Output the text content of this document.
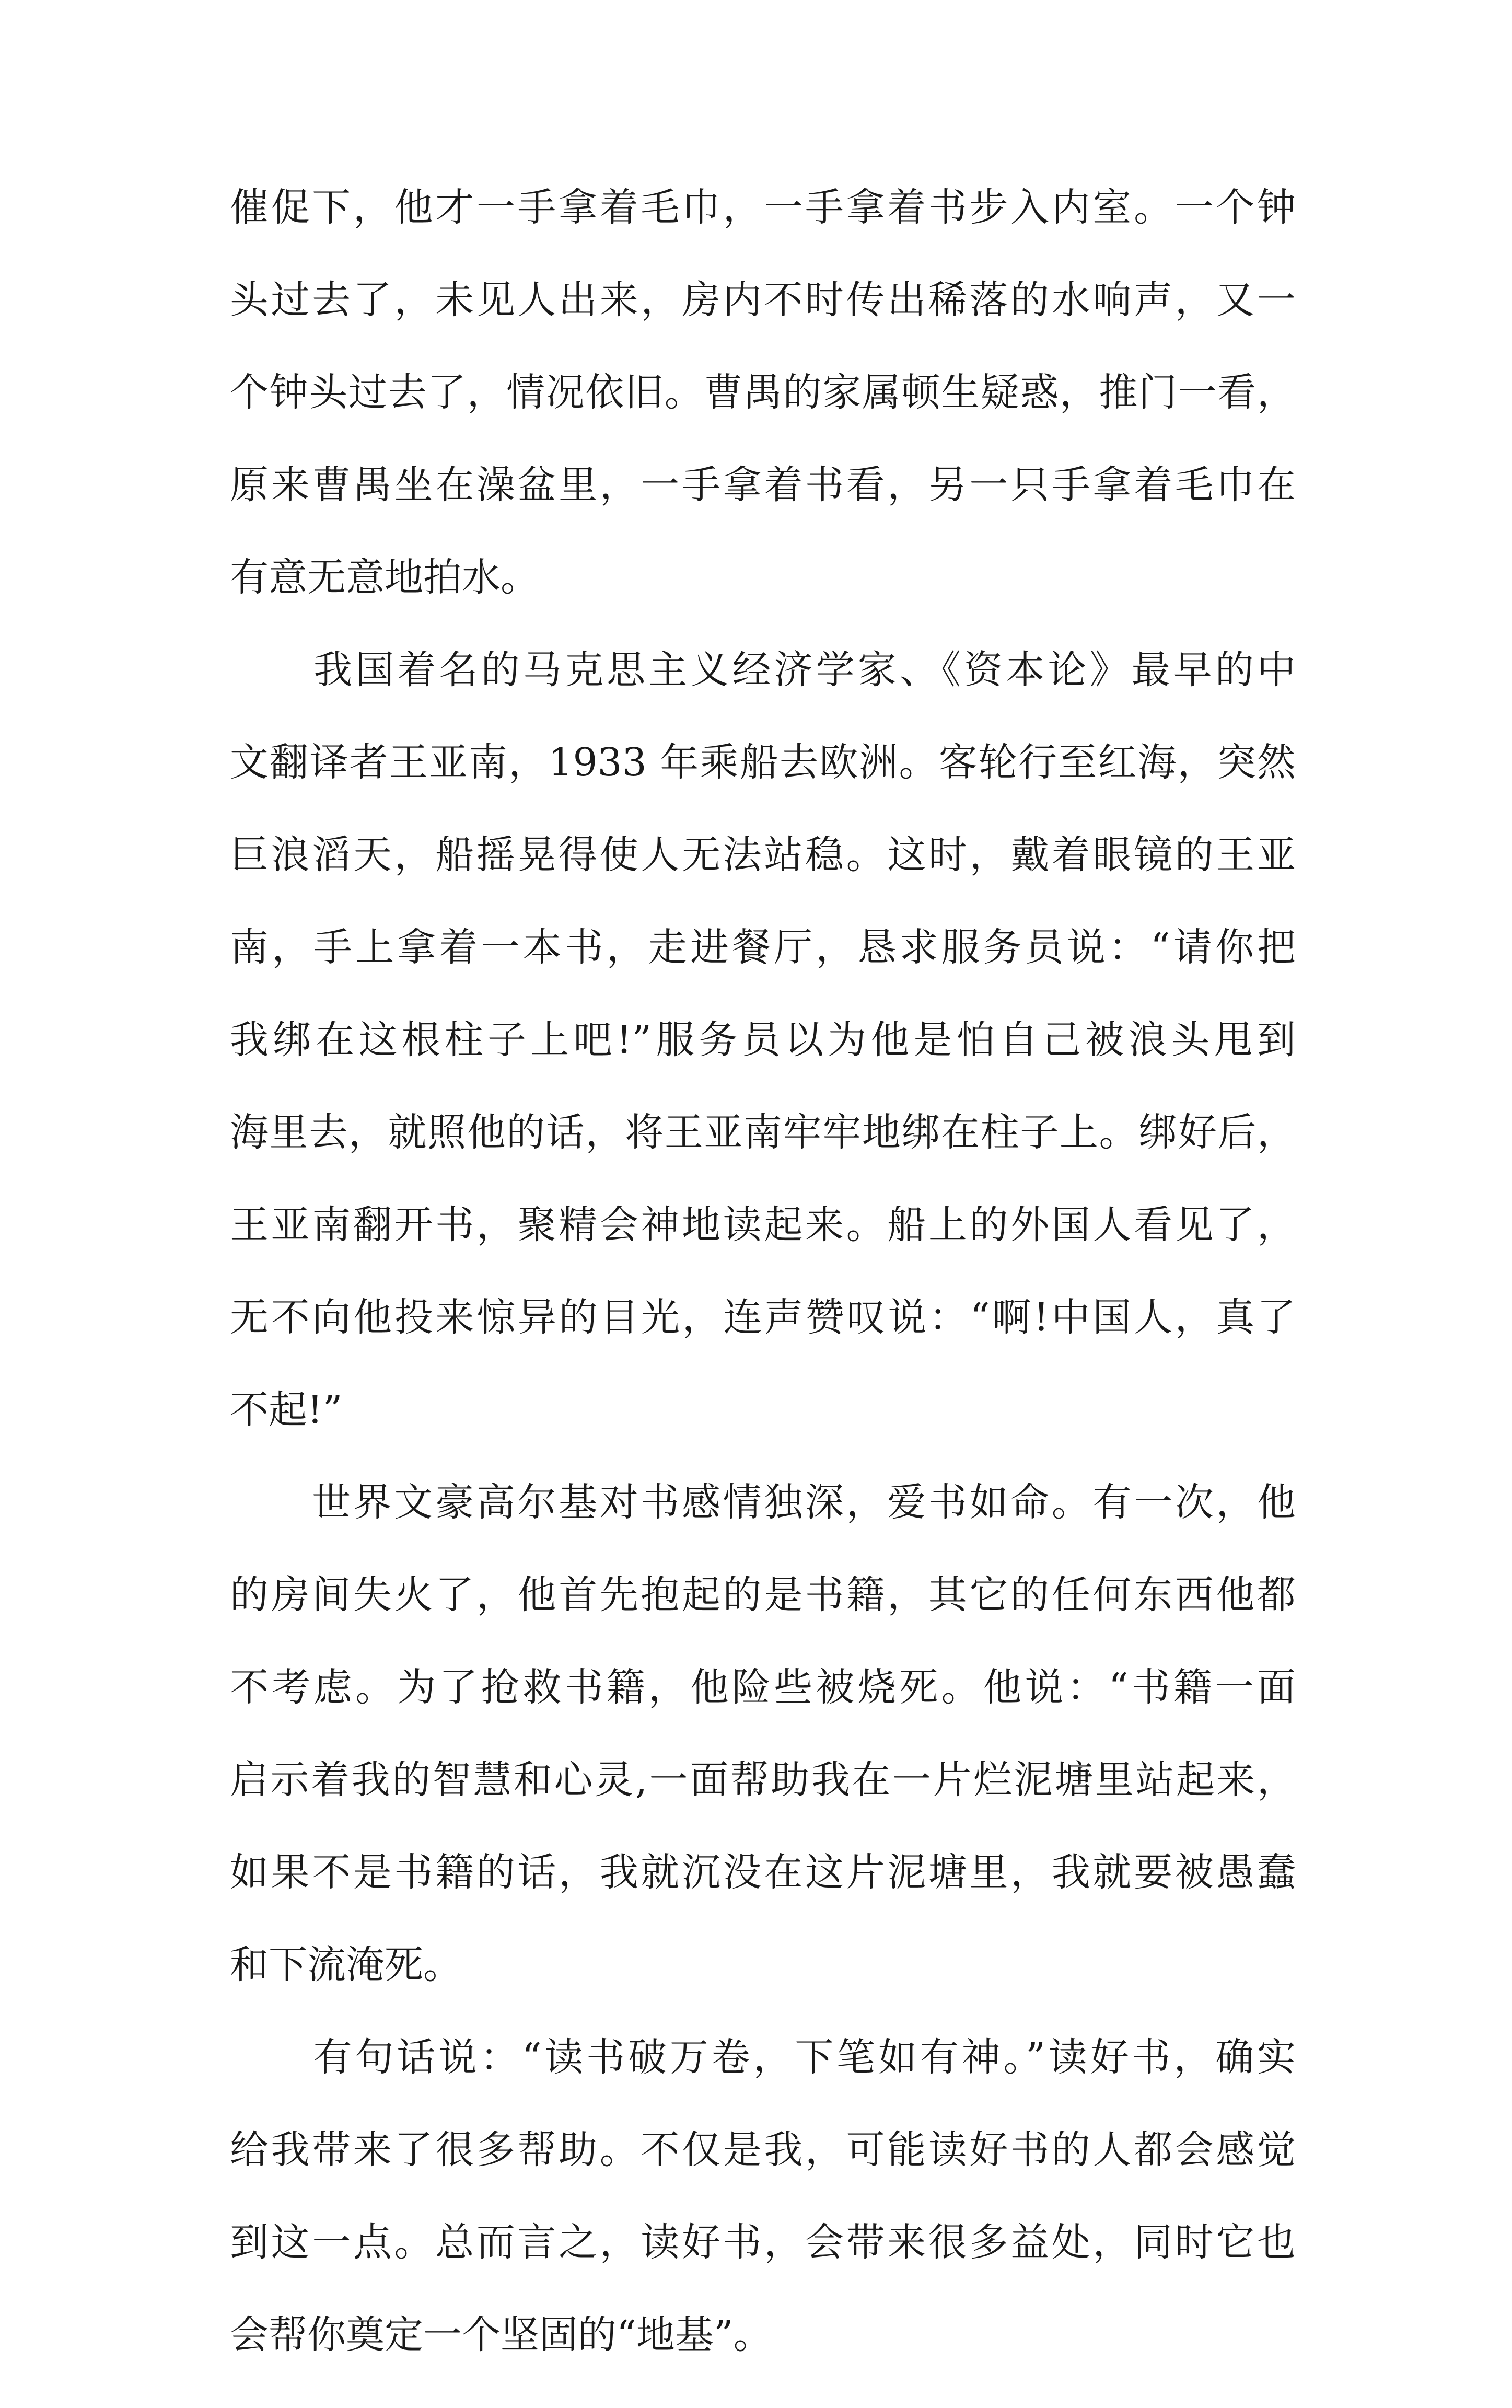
催促下，他才一手拿着毛巾，一手拿着书步入内室。一个钟
头过去了，未见人出来，房内不时传出稀落的水响声，又一
个钟头过去了，情况依旧。曹禺的家属顿生疑惑，推门一看，
原来曹禺坐在澡盆里，一手拿着书看，另一只手拿着毛巾在
有意无意地拍水。
　　我国着名的马克思主义经济学家、《资本论》最早的中
文翻译者王亚南，1933 年乘船去欧洲。客轮行至红海，突然
巨浪滔天，船摇晃得使人无法站稳。这时，戴着眼镜的王亚
南，手上拿着一本书，走进餐厅，恳求服务员说：“请你把
我绑在这根柱子上吧!”服务员以为他是怕自己被浪头甩到
海里去，就照他的话，将王亚南牢牢地绑在柱子上。绑好后，
王亚南翻开书，聚精会神地读起来。船上的外国人看见了，
无不向他投来惊异的目光，连声赞叹说：“啊!中国人，真了
不起!”
　　世界文豪高尔基对书感情独深，爱书如命。有一次，他
的房间失火了，他首先抱起的是书籍，其它的任何东西他都
不考虑。为了抢救书籍，他险些被烧死。他说：“书籍一面
启示着我的智慧和心灵,一面帮助我在一片烂泥塘里站起来，
如果不是书籍的话，我就沉没在这片泥塘里，我就要被愚蠢
和下流淹死。
　　有句话说：“读书破万卷，下笔如有神。”读好书，确实
给我带来了很多帮助。不仅是我，可能读好书的人都会感觉
到这一点。总而言之，读好书，会带来很多益处，同时它也
会帮你奠定一个坚固的“地基”。
